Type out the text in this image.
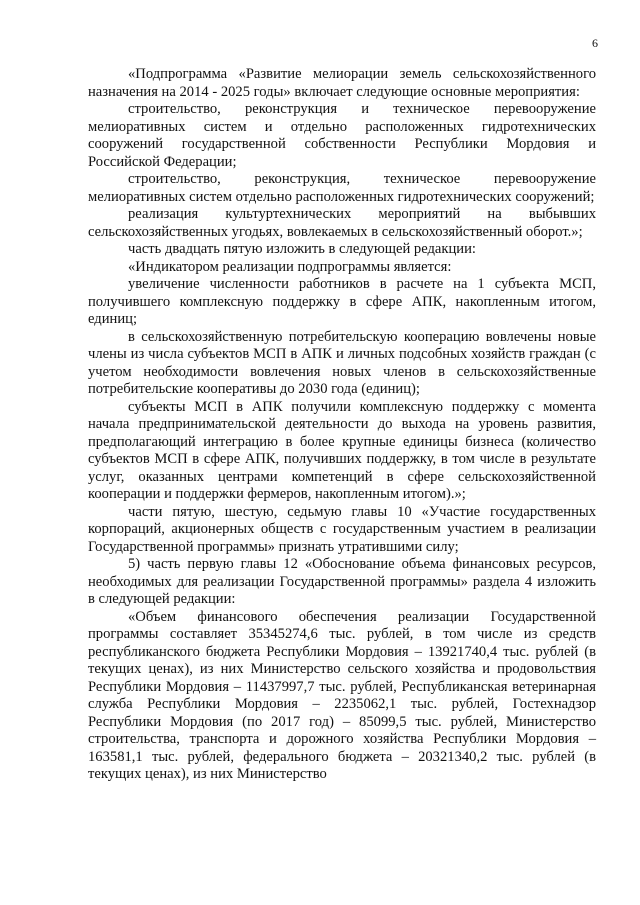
6

«Подпрограмма «Развитие мелиорации земель сельскохозяйственного назначения на 2014 - 2025 годы» включает следующие основные мероприятия:

строительство, реконструкция и техническое перевооружение мелиоративных систем и отдельно расположенных гидротехнических сооружений государственной собственности Республики Мордовия и Российской Федерации;

строительство, реконструкция, техническое перевооружение мелиоративных систем отдельно расположенных гидротехнических сооружений;

реализация культуртехнических мероприятий на выбывших сельскохозяйственных угодьях, вовлекаемых в сельскохозяйственный оборот.»;

часть двадцать пятую изложить в следующей редакции:

«Индикатором реализации подпрограммы является:

увеличение численности работников в расчете на 1 субъекта МСП, получившего комплексную поддержку в сфере АПК, накопленным итогом, единиц;

в сельскохозяйственную потребительскую кооперацию вовлечены новые члены из числа субъектов МСП в АПК и личных подсобных хозяйств граждан (с учетом необходимости вовлечения новых членов в сельскохозяйственные потребительские кооперативы до 2030 года (единиц);

субъекты МСП в АПК получили комплексную поддержку с момента начала предпринимательской деятельности до выхода на уровень развития, предполагающий интеграцию в более крупные единицы бизнеса (количество субъектов МСП в сфере АПК, получивших поддержку, в том числе в результате услуг, оказанных центрами компетенций в сфере сельскохозяйственной кооперации и поддержки фермеров, накопленным итогом).»;

части пятую, шестую, седьмую главы 10 «Участие государственных корпораций, акционерных обществ с государственным участием в реализации Государственной программы» признать утратившими силу;

5) часть первую главы 12 «Обоснование объема финансовых ресурсов, необходимых для реализации Государственной программы» раздела 4 изложить в следующей редакции:

«Объем финансового обеспечения реализации Государственной программы составляет 35345274,6 тыс. рублей, в том числе из средств республиканского бюджета Республики Мордовия – 13921740,4 тыс. рублей (в текущих ценах), из них Министерство сельского хозяйства и продовольствия Республики Мордовия – 11437997,7 тыс. рублей, Республиканская ветеринарная служба Республики Мордовия – 2235062,1 тыс. рублей, Гостехнадзор Республики Мордовия (по 2017 год) – 85099,5 тыс. рублей, Министерство строительства, транспорта и дорожного хозяйства Республики Мордовия – 163581,1 тыс. рублей, федерального бюджета – 20321340,2 тыс. рублей (в текущих ценах), из них Министерство
